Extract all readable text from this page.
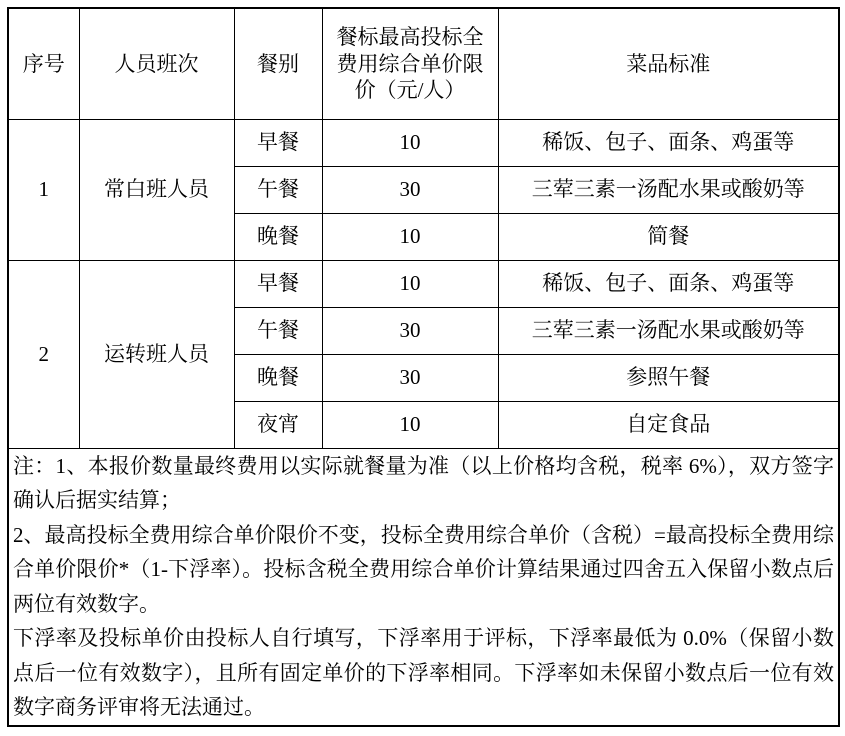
序号	人员班次	餐别	餐标最高投标全费用综合单价限价（元/人）	菜品标准
1	常白班人员	早餐	10	稀饭、包子、面条、鸡蛋等
		午餐	30	三荤三素一汤配水果或酸奶等
		晚餐	10	简餐
2	运转班人员	早餐	10	稀饭、包子、面条、鸡蛋等
		午餐	30	三荤三素一汤配水果或酸奶等
		晚餐	30	参照午餐
		夜宵	10	自定食品

注：1、本报价数量最终费用以实际就餐量为准（以上价格均含税，税率 6%），双方签字确认后据实结算；

2、最高投标全费用综合单价限价不变，投标全费用综合单价（含税）=最高投标全费用综合单价限价*（1-下浮率）。投标含税全费用综合单价计算结果通过四舍五入保留小数点后两位有效数字。

下浮率及投标单价由投标人自行填写，下浮率用于评标，下浮率最低为 0.0%（保留小数点后一位有效数字），且所有固定单价的下浮率相同。下浮率如未保留小数点后一位有效数字商务评审将无法通过。				
